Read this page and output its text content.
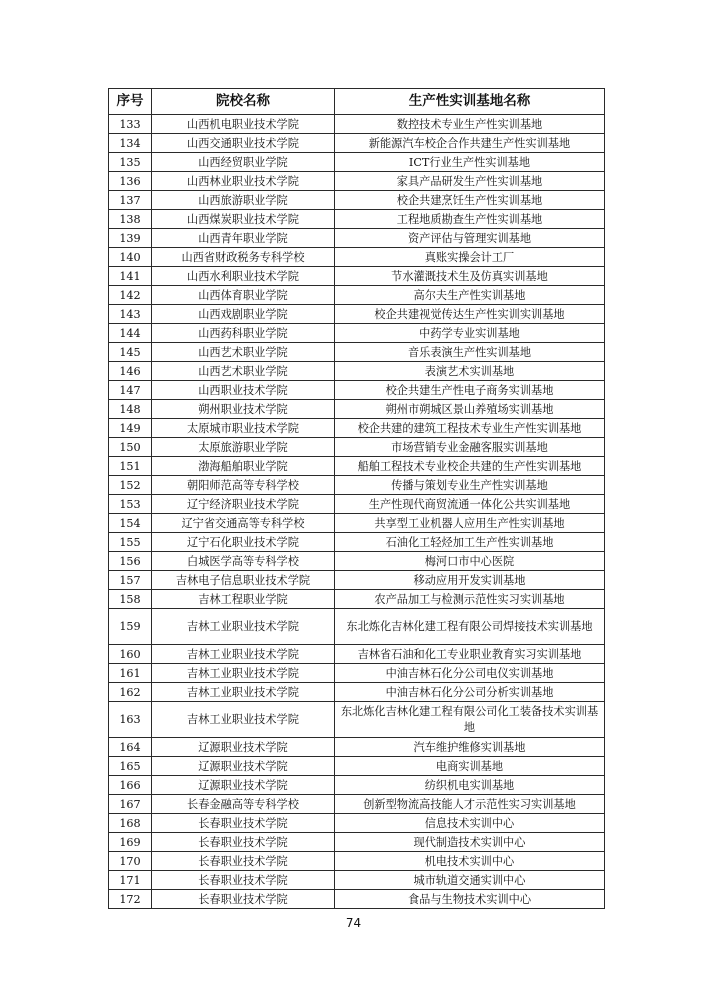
序号	院校名称	生产性实训基地名称
133	山西机电职业技术学院	数控技术专业生产性实训基地
134	山西交通职业技术学院	新能源汽车校企合作共建生产性实训基地
135	山西经贸职业学院	ICT行业生产性实训基地
136	山西林业职业技术学院	家具产品研发生产性实训基地
137	山西旅游职业学院	校企共建烹饪生产性实训基地
138	山西煤炭职业技术学院	工程地质勘查生产性实训基地
139	山西青年职业学院	资产评估与管理实训基地
140	山西省财政税务专科学校	真账实操会计工厂
141	山西水利职业技术学院	节水灌溉技术生及仿真实训基地
142	山西体育职业学院	高尔夫生产性实训基地
143	山西戏剧职业学院	校企共建视觉传达生产性实训实训基地
144	山西药科职业学院	中药学专业实训基地
145	山西艺术职业学院	音乐表演生产性实训基地
146	山西艺术职业学院	表演艺术实训基地
147	山西职业技术学院	校企共建生产性电子商务实训基地
148	朔州职业技术学院	朔州市朔城区景山养殖场实训基地
149	太原城市职业技术学院	校企共建的建筑工程技术专业生产性实训基地
150	太原旅游职业学院	市场营销专业金融客服实训基地
151	渤海船舶职业学院	船舶工程技术专业校企共建的生产性实训基地
152	朝阳师范高等专科学校	传播与策划专业生产性实训基地
153	辽宁经济职业技术学院	生产性现代商贸流通一体化公共实训基地
154	辽宁省交通高等专科学校	共享型工业机器人应用生产性实训基地
155	辽宁石化职业技术学院	石油化工轻烃加工生产性实训基地
156	白城医学高等专科学校	梅河口市中心医院
157	吉林电子信息职业技术学院	移动应用开发实训基地
158	吉林工程职业学院	农产品加工与检测示范性实习实训基地
159	吉林工业职业技术学院	东北炼化吉林化建工程有限公司焊接技术实训基地
160	吉林工业职业技术学院	吉林省石油和化工专业职业教育实习实训基地
161	吉林工业职业技术学院	中油吉林石化分公司电仪实训基地
162	吉林工业职业技术学院	中油吉林石化分公司分析实训基地
163	吉林工业职业技术学院	东北炼化吉林化建工程有限公司化工装备技术实训基地
164	辽源职业技术学院	汽车维护维修实训基地
165	辽源职业技术学院	电商实训基地
166	辽源职业技术学院	纺织机电实训基地
167	长春金融高等专科学校	创新型物流高技能人才示范性实习实训基地
168	长春职业技术学院	信息技术实训中心
169	长春职业技术学院	现代制造技术实训中心
170	长春职业技术学院	机电技术实训中心
171	长春职业技术学院	城市轨道交通实训中心
172	长春职业技术学院	食品与生物技术实训中心
74
